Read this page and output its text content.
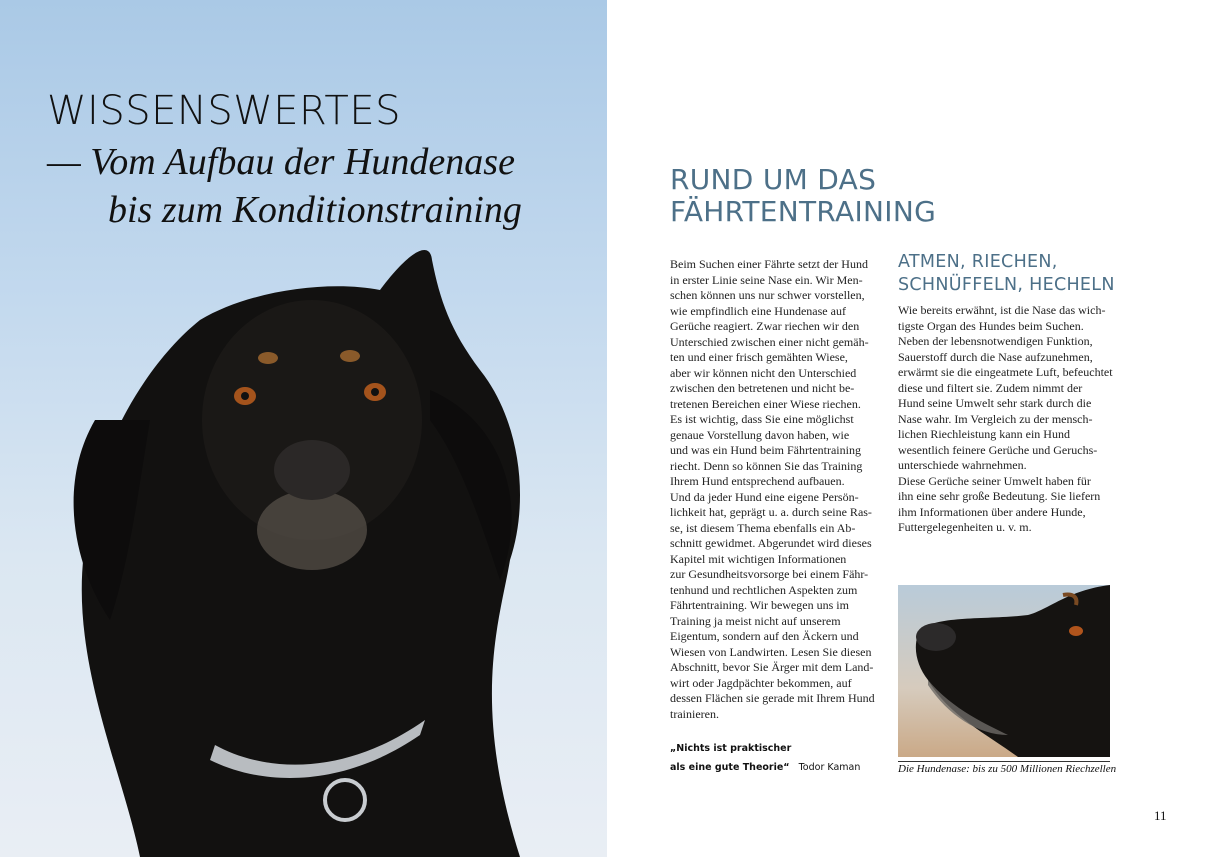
WISSENSWERTES
— Vom Aufbau der Hundenase
bis zum Konditionstraining
RUND UM DAS
FÄHRTENTRAINING
Beim Suchen einer Fährte setzt der Hund
in erster Linie seine Nase ein. Wir Men-
schen können uns nur schwer vorstellen,
wie empfindlich eine Hundenase auf
Gerüche reagiert. Zwar riechen wir den
Unterschied zwischen einer nicht gemäh-
ten und einer frisch gemähten Wiese,
aber wir können nicht den Unterschied
zwischen den betretenen und nicht be-
tretenen Bereichen einer Wiese riechen.
Es ist wichtig, dass Sie eine möglichst
genaue Vorstellung davon haben, wie
und was ein Hund beim Fährtentraining
riecht. Denn so können Sie das Training
Ihrem Hund entsprechend aufbauen.
Und da jeder Hund eine eigene Persön-
lichkeit hat, geprägt u. a. durch seine Ras-
se, ist diesem Thema ebenfalls ein Ab-
schnitt gewidmet. Abgerundet wird dieses
Kapitel mit wichtigen Informationen
zur Gesundheitsvorsorge bei einem Fähr-
tenhund und rechtlichen Aspekten zum
Fährtentraining. Wir bewegen uns im
Training ja meist nicht auf unserem
Eigentum, sondern auf den Äckern und
Wiesen von Landwirten. Lesen Sie diesen
Abschnitt, bevor Sie Ärger mit dem Land-
wirt oder Jagdpächter bekommen, auf
dessen Flächen sie gerade mit Ihrem Hund
trainieren.
„Nichts ist praktischer
als eine gute Theorie“ Todor Kaman
ATMEN, RIECHEN,
SCHNÜFFELN, HECHELN
Wie bereits erwähnt, ist die Nase das wich-
tigste Organ des Hundes beim Suchen.
Neben der lebensnotwendigen Funktion,
Sauerstoff durch die Nase aufzunehmen,
erwärmt sie die eingeatmete Luft, befeuchtet
diese und filtert sie. Zudem nimmt der
Hund seine Umwelt sehr stark durch die
Nase wahr. Im Vergleich zu der mensch-
lichen Riechleistung kann ein Hund
wesentlich feinere Gerüche und Geruchs-
unterschiede wahrnehmen.
Diese Gerüche seiner Umwelt haben für
ihn eine sehr große Bedeutung. Sie liefern
ihm Informationen über andere Hunde,
Futtergelegenheiten u. v. m.
Die Hundenase: bis zu 500 Millionen Riechzellen
11
